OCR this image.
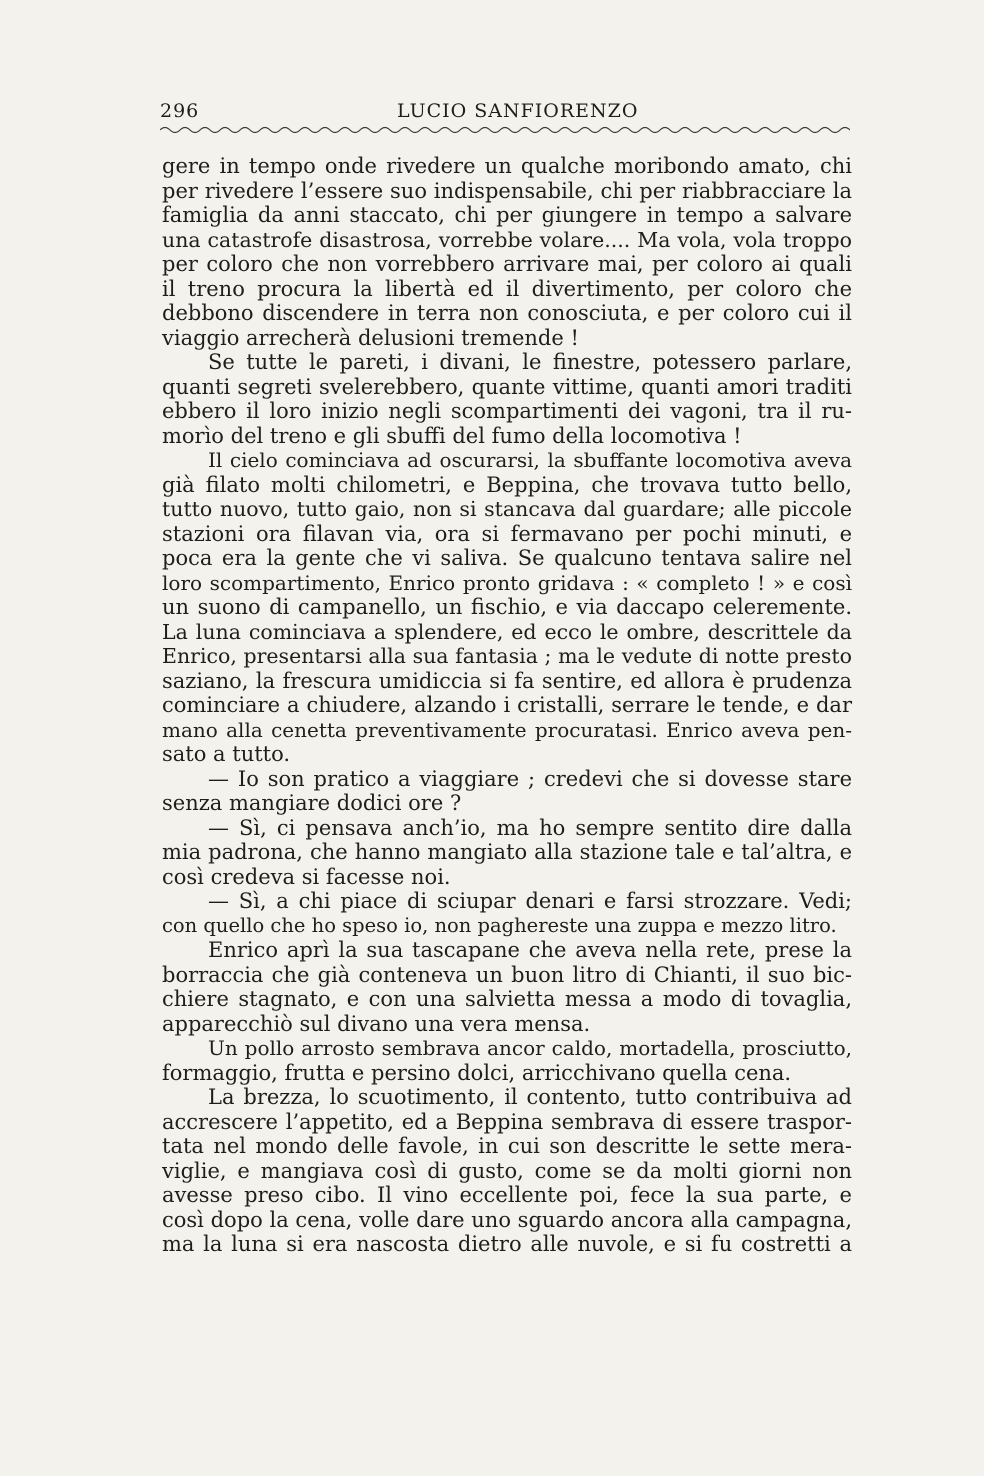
296	LUCIO SANFIORENZO
gere in tempo onde rivedere un qualche moribondo amato, chi
per rivedere l’essere suo indispensabile, chi per riabbracciare la
famiglia da anni staccato, chi per giungere in tempo a salvare
una catastrofe disastrosa, vorrebbe volare.... Ma vola, vola troppo
per coloro che non vorrebbero arrivare mai, per coloro ai quali
il treno procura la libertà ed il divertimento, per coloro che
debbono discendere in terra non conosciuta, e per coloro cui il
viaggio arrecherà delusioni tremende !
Se tutte le pareti, i divani, le finestre, potessero parlare,
quanti segreti svelerebbero, quante vittime, quanti amori traditi
ebbero il loro inizio negli scompartimenti dei vagoni, tra il ru-
morìo del treno e gli sbuffi del fumo della locomotiva !
Il cielo cominciava ad oscurarsi, la sbuffante locomotiva aveva
già filato molti chilometri, e Beppina, che trovava tutto bello,
tutto nuovo, tutto gaio, non si stancava dal guardare; alle piccole
stazioni ora filavan via, ora si fermavano per pochi minuti, e
poca era la gente che vi saliva. Se qualcuno tentava salire nel
loro scompartimento, Enrico pronto gridava : « completo ! » e così
un suono di campanello, un fischio, e via daccapo celeremente.
La luna cominciava a splendere, ed ecco le ombre, descrittele da
Enrico, presentarsi alla sua fantasia ; ma le vedute di notte presto
saziano, la frescura umidiccia si fa sentire, ed allora è prudenza
cominciare a chiudere, alzando i cristalli, serrare le tende, e dar
mano alla cenetta preventivamente procuratasi. Enrico aveva pen-
sato a tutto.
— Io son pratico a viaggiare ; credevi che si dovesse stare
senza mangiare dodici ore ?
— Sì, ci pensava anch’io, ma ho sempre sentito dire dalla
mia padrona, che hanno mangiato alla stazione tale e tal’altra, e
così credeva si facesse noi.
— Sì, a chi piace di sciupar denari e farsi strozzare. Vedi;
con quello che ho speso io, non paghereste una zuppa e mezzo litro.
Enrico aprì la sua tascapane che aveva nella rete, prese la
borraccia che già conteneva un buon litro di Chianti, il suo bic-
chiere stagnato, e con una salvietta messa a modo di tovaglia,
apparecchiò sul divano una vera mensa.
Un pollo arrosto sembrava ancor caldo, mortadella, prosciutto,
formaggio, frutta e persino dolci, arricchivano quella cena.
La brezza, lo scuotimento, il contento, tutto contribuiva ad
accrescere l’appetito, ed a Beppina sembrava di essere traspor-
tata nel mondo delle favole, in cui son descritte le sette mera-
viglie, e mangiava così di gusto, come se da molti giorni non
avesse preso cibo. Il vino eccellente poi, fece la sua parte, e
così dopo la cena, volle dare uno sguardo ancora alla campagna,
ma la luna si era nascosta dietro alle nuvole, e si fu costretti a
